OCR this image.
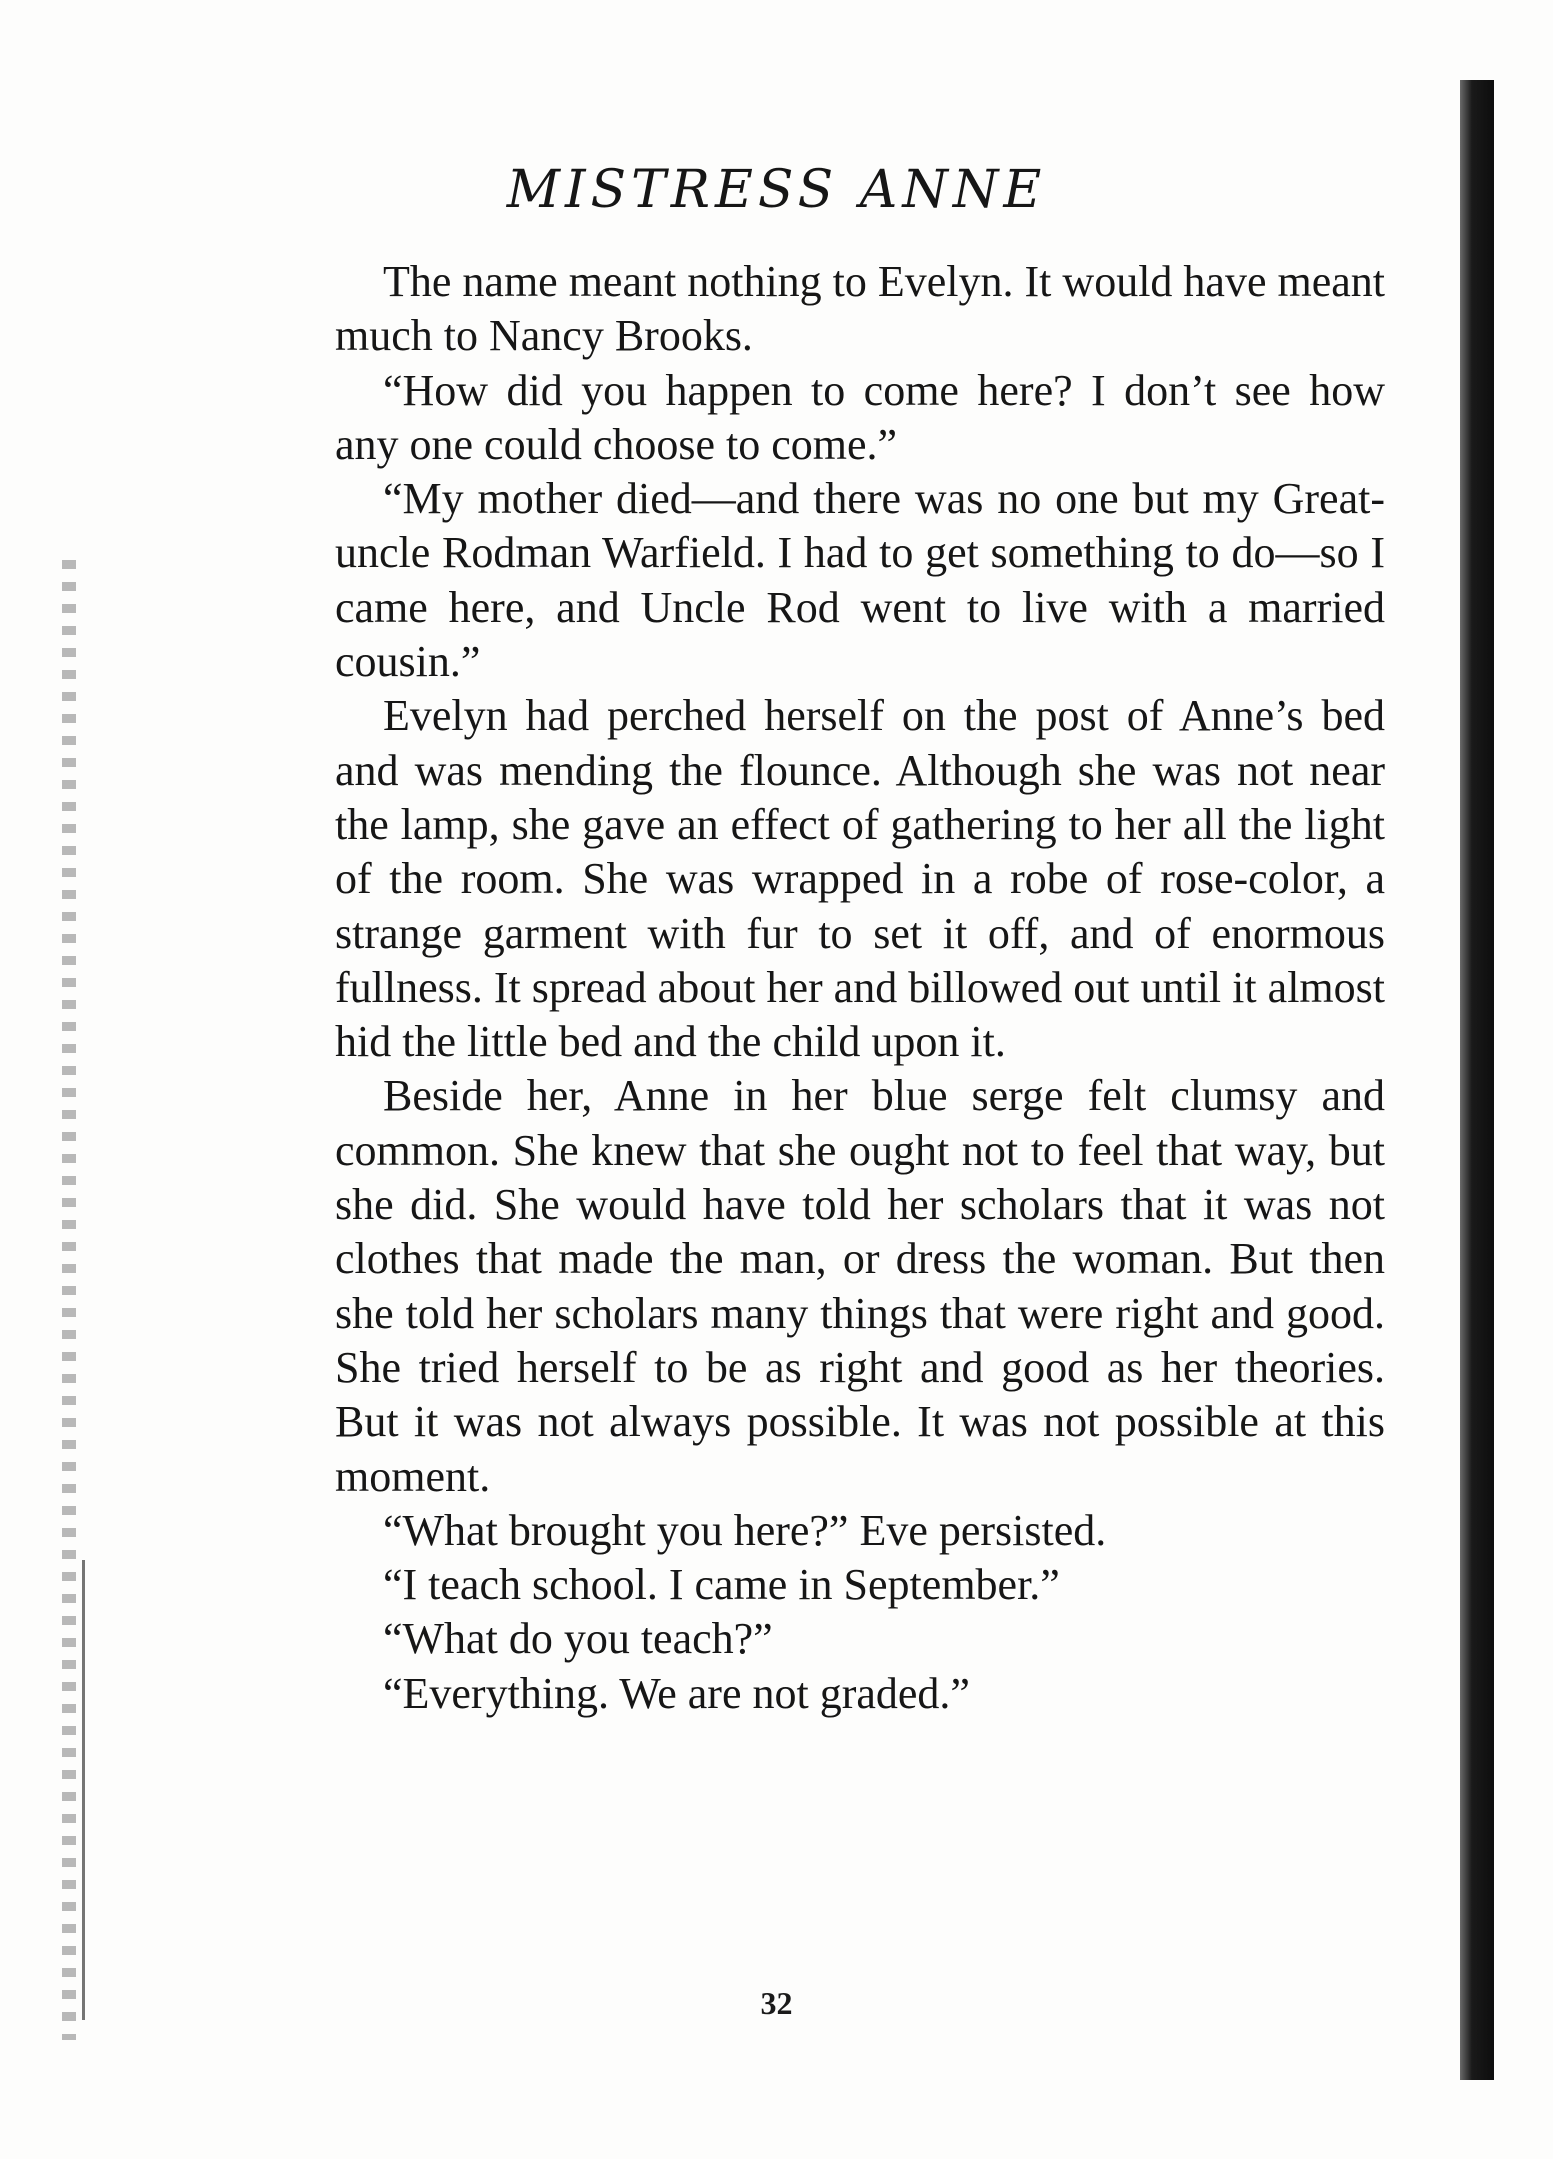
MISTRESS ANNE

The name meant nothing to Evelyn. It would have meant much to Nancy Brooks.

“How did you happen to come here? I don’t see how any one could choose to come.”

“My mother died—and there was no one but my Great-uncle Rodman Warfield. I had to get something to do—so I came here, and Uncle Rod went to live with a married cousin.”

Evelyn had perched herself on the post of Anne’s bed and was mending the flounce. Although she was not near the lamp, she gave an effect of gathering to her all the light of the room. She was wrapped in a robe of rose-color, a strange garment with fur to set it off, and of enormous fullness. It spread about her and billowed out until it almost hid the little bed and the child upon it.

Beside her, Anne in her blue serge felt clumsy and common. She knew that she ought not to feel that way, but she did. She would have told her scholars that it was not clothes that made the man, or dress the woman. But then she told her scholars many things that were right and good. She tried herself to be as right and good as her theories. But it was not always possible. It was not possible at this moment.

“What brought you here?” Eve persisted.

“I teach school. I came in September.”

“What do you teach?”

“Everything. We are not graded.”

32
